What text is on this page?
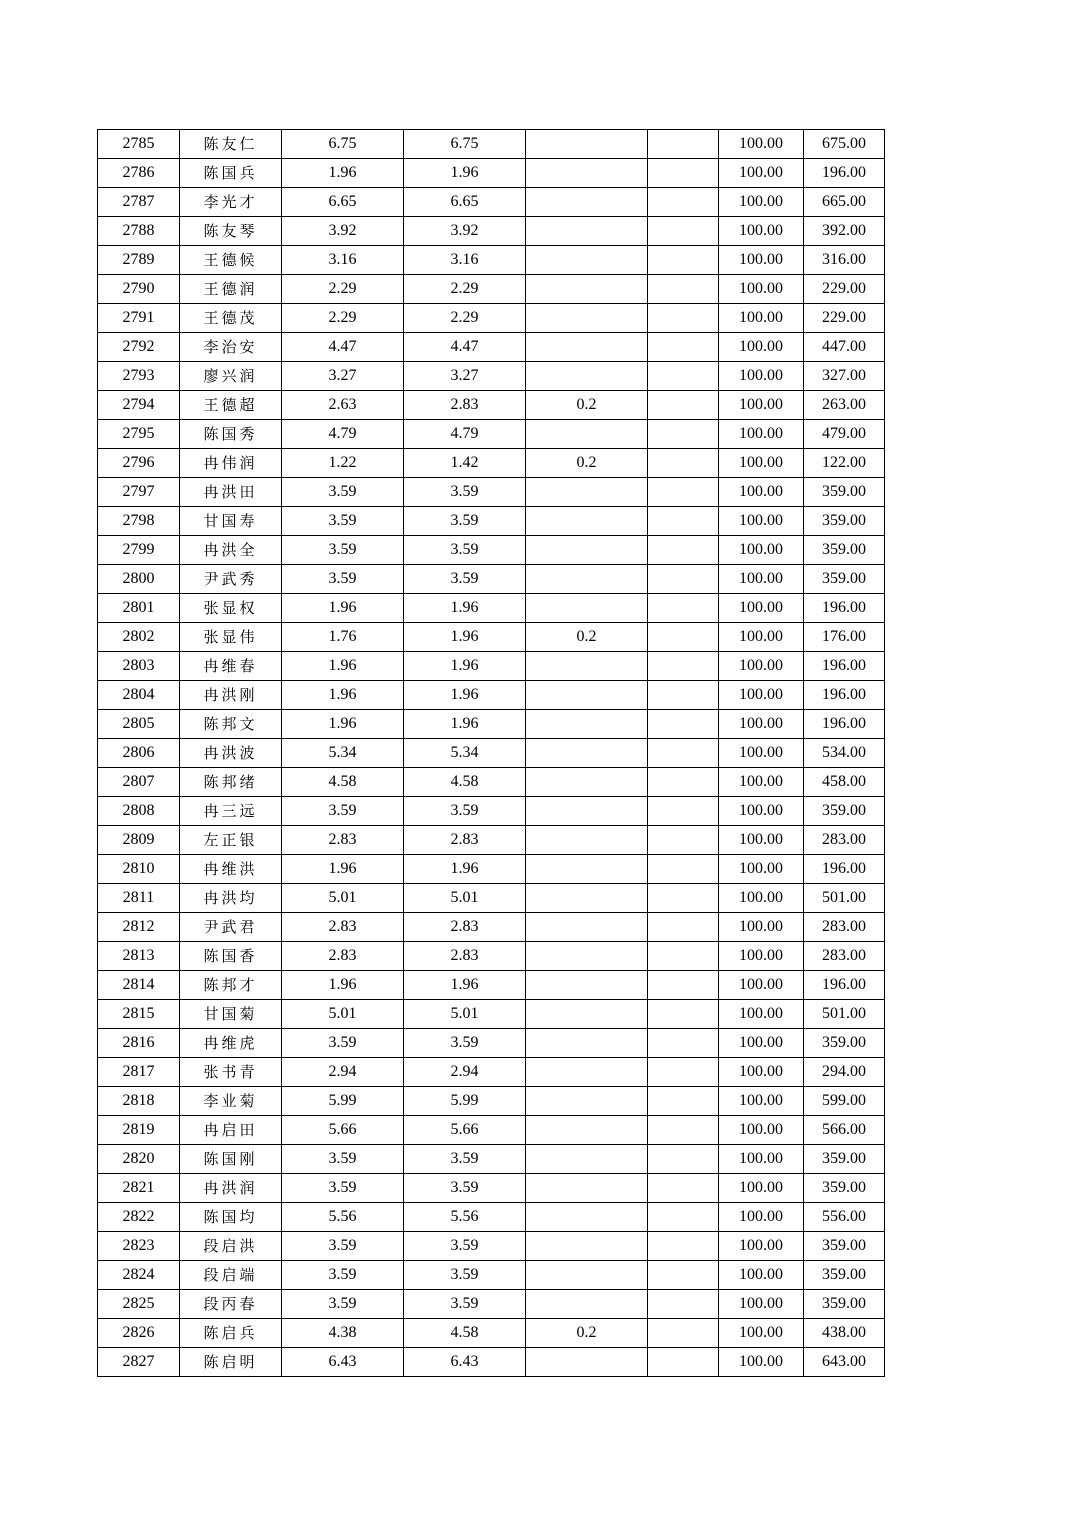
2785	陈友仁	6.75	6.75			100.00	675.00
2786	陈国兵	1.96	1.96			100.00	196.00
2787	李光才	6.65	6.65			100.00	665.00
2788	陈友琴	3.92	3.92			100.00	392.00
2789	王德候	3.16	3.16			100.00	316.00
2790	王德润	2.29	2.29			100.00	229.00
2791	王德茂	2.29	2.29			100.00	229.00
2792	李治安	4.47	4.47			100.00	447.00
2793	廖兴润	3.27	3.27			100.00	327.00
2794	王德超	2.63	2.83	0.2		100.00	263.00
2795	陈国秀	4.79	4.79			100.00	479.00
2796	冉伟润	1.22	1.42	0.2		100.00	122.00
2797	冉洪田	3.59	3.59			100.00	359.00
2798	甘国寿	3.59	3.59			100.00	359.00
2799	冉洪全	3.59	3.59			100.00	359.00
2800	尹武秀	3.59	3.59			100.00	359.00
2801	张显权	1.96	1.96			100.00	196.00
2802	张显伟	1.76	1.96	0.2		100.00	176.00
2803	冉维春	1.96	1.96			100.00	196.00
2804	冉洪刚	1.96	1.96			100.00	196.00
2805	陈邦文	1.96	1.96			100.00	196.00
2806	冉洪波	5.34	5.34			100.00	534.00
2807	陈邦绪	4.58	4.58			100.00	458.00
2808	冉三远	3.59	3.59			100.00	359.00
2809	左正银	2.83	2.83			100.00	283.00
2810	冉维洪	1.96	1.96			100.00	196.00
2811	冉洪均	5.01	5.01			100.00	501.00
2812	尹武君	2.83	2.83			100.00	283.00
2813	陈国香	2.83	2.83			100.00	283.00
2814	陈邦才	1.96	1.96			100.00	196.00
2815	甘国菊	5.01	5.01			100.00	501.00
2816	冉维虎	3.59	3.59			100.00	359.00
2817	张书青	2.94	2.94			100.00	294.00
2818	李业菊	5.99	5.99			100.00	599.00
2819	冉启田	5.66	5.66			100.00	566.00
2820	陈国刚	3.59	3.59			100.00	359.00
2821	冉洪润	3.59	3.59			100.00	359.00
2822	陈国均	5.56	5.56			100.00	556.00
2823	段启洪	3.59	3.59			100.00	359.00
2824	段启端	3.59	3.59			100.00	359.00
2825	段丙春	3.59	3.59			100.00	359.00
2826	陈启兵	4.38	4.58	0.2		100.00	438.00
2827	陈启明	6.43	6.43			100.00	643.00
